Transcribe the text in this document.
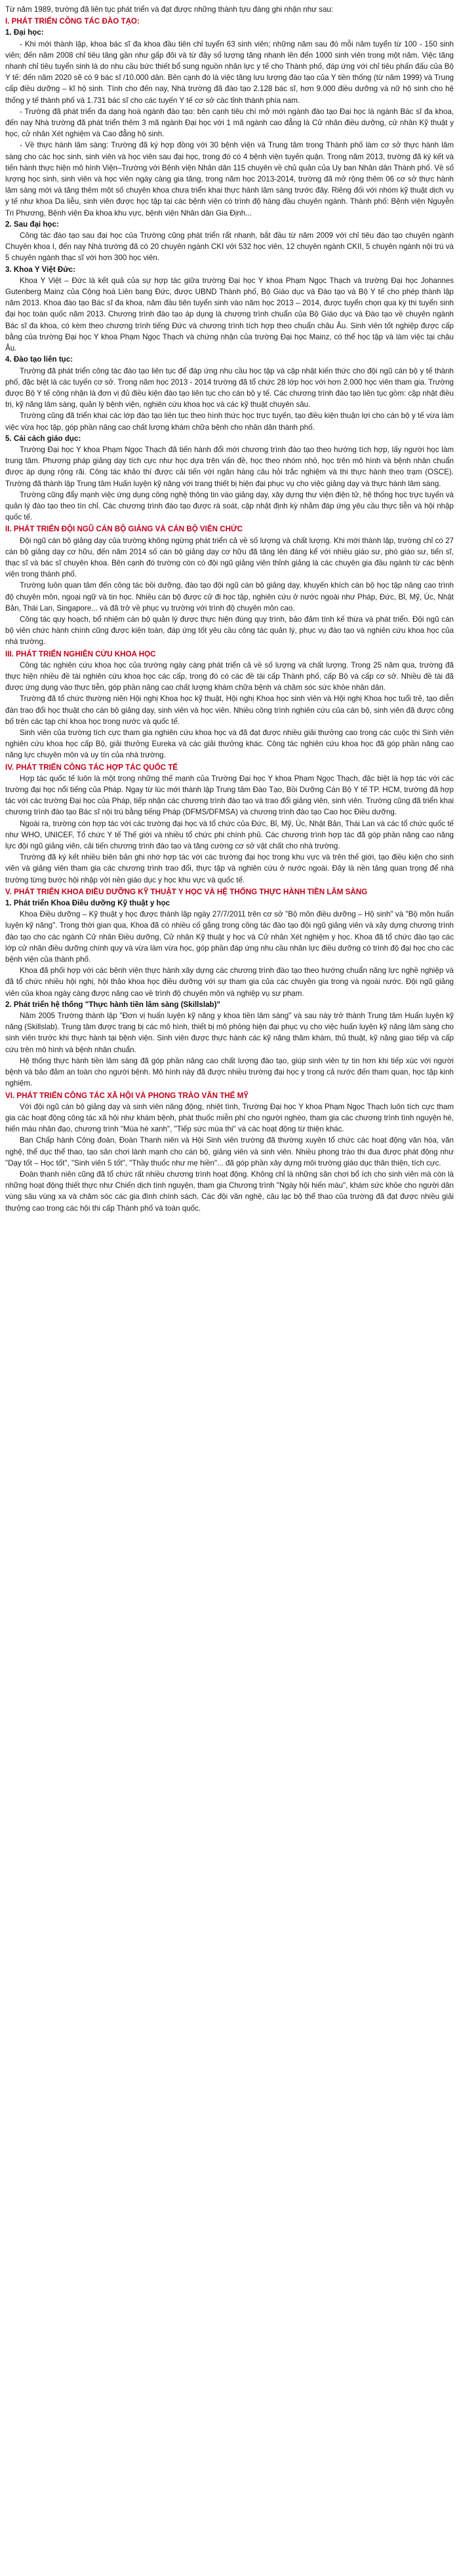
Từ năm 1989, trường đã liên tục phát triển và đạt được những thành tựu đáng ghi nhận như sau:

I. PHÁT TRIỂN CÔNG TÁC ĐÀO TẠO:

1. Đại học:

- Khi mới thành lập, khoa bác sĩ đa khoa đầu tiên chỉ tuyển 63 sinh viên; những năm sau đó mỗi năm tuyển từ 100 - 150 sinh viên; đến năm 2008 chỉ tiêu tăng gần như gấp đôi và từ đây số lượng tăng nhanh lên đến 1000 sinh viên trong một năm. Việc tăng nhanh chỉ tiêu tuyển sinh là do nhu cầu bức thiết bổ sung nguồn nhân lực y tế cho Thành phố, đáp ứng với chỉ tiêu phấn đấu của Bộ Y tế: đến năm 2020 sẽ có 9 bác sĩ /10.000 dân. Bên cạnh đó là việc tăng lưu lượng đào tạo của Y tiền thống (từ năm 1999) và Trung cấp điều dưỡng – kĩ hộ sinh. Tính cho đến nay, Nhà trường đã đào tạo 2.128 bác sĩ, hơn 9.000 điều dưỡng và nữ hộ sinh cho hệ thống y tế thành phố và 1.731 bác sĩ cho các tuyến Y tế cơ sở các tỉnh thành phía nam.

- Trường đã phát triển đa dạng hoá ngành đào tạo: bên cạnh tiêu chí mở mới ngành đào tạo Đại học là ngành Bác sĩ đa khoa, đến nay Nhà trường đã phát triển thêm 3 mã ngành Đại học với 1 mã ngành cao đẳng là Cử nhân điều dưỡng, cử nhân Kỹ thuật y học, cử nhân Xét nghiệm và Cao đẳng hộ sinh.

- Về thực hành lâm sàng: Trường đã ký hợp đồng với 30 bệnh viện và Trung tâm trong Thành phố làm cơ sở thực hành lâm sàng cho các học sinh, sinh viên và học viên sau đại học, trong đó có 4 bệnh viện tuyến quận. Trong năm 2013, trường đã ký kết và tiến hành thực hiện mô hình Viện–Trường với Bệnh viện Nhân dân 115 chuyên về chủ quản của Uy ban Nhân dân Thành phố. Về số lượng học sinh, sinh viên và học viên ngày càng gia tăng, trong năm học 2013-2014, trường đã mở rộng thêm 06 cơ sở thực hành lâm sàng mới và tăng thêm một số chuyên khoa chưa triển khai thực hành lâm sàng trước đây. Riêng đối với nhóm kỹ thuật dịch vụ y tế như khoa Da liễu, sinh viên được học tập tại các bệnh viện có trình độ hàng đầu chuyên ngành. Thành phố: Bệnh viện Nguyễn Tri Phương, Bệnh viện Đa khoa khu vực, bệnh viện Nhân dân Gia Định...

2. Sau đại học:

Công tác đào tạo sau đại học của Trường cũng phát triển rất nhanh, bắt đầu từ năm 2009 với chỉ tiêu đào tạo chuyên ngành Chuyên khoa I, đến nay Nhà trường đã có 20 chuyên ngành CKI với 532 học viên, 12 chuyên ngành CKII, 5 chuyên ngành nội trú và 5 chuyên ngành thạc sĩ với hơn 300 học viên.

3. Khoa Y Việt Đức:

Khoa Y Việt – Đức là kết quả của sự hợp tác giữa trường Đại học Y khoa Phạm Ngọc Thạch và trường Đại học Johannes Gutenberg Mainz của Cộng hoà Liên bang Đức, được UBND Thành phố, Bộ Giáo dục và Đào tạo và Bộ Y tế cho phép thành lập năm 2013. Khoa đào tạo Bác sĩ đa khoa, năm đầu tiên tuyển sinh vào năm học 2013 – 2014, được tuyển chọn qua kỳ thi tuyển sinh đại học toàn quốc năm 2013. Chương trình đào tạo áp dụng là chương trình chuẩn của Bộ Giáo dục và Đào tạo về chuyên ngành Bác sĩ đa khoa, có kèm theo chương trình tiếng Đức và chương trình tích hợp theo chuẩn châu Âu. Sinh viên tốt nghiệp được cấp bằng của trường Đại học Y khoa Phạm Ngọc Thạch và chứng nhận của trường Đại học Mainz, có thể học tập và làm việc tại châu Âu.

4. Đào tạo liên tục:

Trường đã phát triển công tác đào tạo liên tục để đáp ứng nhu cầu học tập và cập nhật kiến thức cho đội ngũ cán bộ y tế thành phố, đặc biệt là các tuyến cơ sở. Trong năm học 2013 - 2014 trường đã tổ chức 28 lớp học với hơn 2.000 học viên tham gia. Trường được Bộ Y tế công nhận là đơn vị đủ điều kiện đào tạo liên tục cho cán bộ y tế. Các chương trình đào tạo liên tục gồm: cập nhật điều trị, kỹ năng lâm sàng, quản lý bệnh viện, nghiên cứu khoa học và các kỹ thuật chuyên sâu.

Trường cũng đã triển khai các lớp đào tạo liên tục theo hình thức học trực tuyến, tạo điều kiện thuận lợi cho cán bộ y tế vừa làm việc vừa học tập, góp phần nâng cao chất lượng khám chữa bệnh cho nhân dân thành phố.

5. Cải cách giáo dục:

Trường Đại học Y khoa Phạm Ngọc Thạch đã tiến hành đổi mới chương trình đào tạo theo hướng tích hợp, lấy người học làm trung tâm. Phương pháp giảng dạy tích cực như học dựa trên vấn đề, học theo nhóm nhỏ, học trên mô hình và bệnh nhân chuẩn được áp dụng rộng rãi. Công tác khảo thí được cải tiến với ngân hàng câu hỏi trắc nghiệm và thi thực hành theo trạm (OSCE). Trường đã thành lập Trung tâm Huấn luyện kỹ năng với trang thiết bị hiện đại phục vụ cho việc giảng dạy và thực hành lâm sàng.

Trường cũng đẩy mạnh việc ứng dụng công nghệ thông tin vào giảng dạy, xây dựng thư viện điện tử, hệ thống học trực tuyến và quản lý đào tạo theo tín chỉ. Các chương trình đào tạo được rà soát, cập nhật định kỳ nhằm đáp ứng yêu cầu thực tiễn và hội nhập quốc tế.

II. PHÁT TRIỂN ĐỘI NGŨ CÁN BỘ GIẢNG VÀ CÁN BỘ VIÊN CHỨC

Đội ngũ cán bộ giảng dạy của trường không ngừng phát triển cả về số lượng và chất lượng. Khi mới thành lập, trường chỉ có 27 cán bộ giảng dạy cơ hữu, đến năm 2014 số cán bộ giảng dạy cơ hữu đã tăng lên đáng kể với nhiều giáo sư, phó giáo sư, tiến sĩ, thạc sĩ và bác sĩ chuyên khoa. Bên cạnh đó trường còn có đội ngũ giảng viên thỉnh giảng là các chuyên gia đầu ngành từ các bệnh viện trong thành phố.

Trường luôn quan tâm đến công tác bồi dưỡng, đào tạo đội ngũ cán bộ giảng dạy, khuyến khích cán bộ học tập nâng cao trình độ chuyên môn, ngoại ngữ và tin học. Nhiều cán bộ được cử đi học tập, nghiên cứu ở nước ngoài như Pháp, Đức, Bỉ, Mỹ, Úc, Nhật Bản, Thái Lan, Singapore... và đã trở về phục vụ trường với trình độ chuyên môn cao.

Công tác quy hoạch, bổ nhiệm cán bộ quản lý được thực hiện đúng quy trình, bảo đảm tính kế thừa và phát triển. Đội ngũ cán bộ viên chức hành chính cũng được kiện toàn, đáp ứng tốt yêu cầu công tác quản lý, phục vụ đào tạo và nghiên cứu khoa học của nhà trường.

III. PHÁT TRIỂN NGHIÊN CỨU KHOA HỌC

Công tác nghiên cứu khoa học của trường ngày càng phát triển cả về số lượng và chất lượng. Trong 25 năm qua, trường đã thực hiện nhiều đề tài nghiên cứu khoa học các cấp, trong đó có các đề tài cấp Thành phố, cấp Bộ và cấp cơ sở. Nhiều đề tài đã được ứng dụng vào thực tiễn, góp phần nâng cao chất lượng khám chữa bệnh và chăm sóc sức khỏe nhân dân.

Trường đã tổ chức thường niên Hội nghị Khoa học kỹ thuật, Hội nghị Khoa học sinh viên và Hội nghị Khoa học tuổi trẻ, tạo diễn đàn trao đổi học thuật cho cán bộ giảng dạy, sinh viên và học viên. Nhiều công trình nghiên cứu của cán bộ, sinh viên đã được công bố trên các tạp chí khoa học trong nước và quốc tế.

Sinh viên của trường tích cực tham gia nghiên cứu khoa học và đã đạt được nhiều giải thưởng cao trong các cuộc thi Sinh viên nghiên cứu khoa học cấp Bộ, giải thưởng Eureka và các giải thưởng khác. Công tác nghiên cứu khoa học đã góp phần nâng cao năng lực chuyên môn và uy tín của nhà trường.

IV. PHÁT TRIỂN CÔNG TÁC HỢP TÁC QUỐC TẾ

Hợp tác quốc tế luôn là một trong những thế mạnh của Trường Đại học Y khoa Phạm Ngọc Thạch, đặc biệt là hợp tác với các trường đại học nổi tiếng của Pháp. Ngay từ lúc mới thành lập Trung tâm Đào Tạo, Bồi Dưỡng Cán Bộ Y tế TP. HCM, trường đã hợp tác với các trường Đại học của Pháp, tiếp nhận các chương trình đào tạo và trao đổi giảng viên, sinh viên. Trường cũng đã triển khai chương trình đào tạo Bác sĩ nội trú bằng tiếng Pháp (DFMS/DFMSA) và chương trình đào tạo Cao học Điều dưỡng.

Ngoài ra, trường còn hợp tác với các trường đại học và tổ chức của Đức, Bỉ, Mỹ, Úc, Nhật Bản, Thái Lan và các tổ chức quốc tế như WHO, UNICEF, Tổ chức Y tế Thế giới và nhiều tổ chức phi chính phủ. Các chương trình hợp tác đã góp phần nâng cao năng lực đội ngũ giảng viên, cải tiến chương trình đào tạo và tăng cường cơ sở vật chất cho nhà trường.

Trường đã ký kết nhiều biên bản ghi nhớ hợp tác với các trường đại học trong khu vực và trên thế giới, tạo điều kiện cho sinh viên và giảng viên tham gia các chương trình trao đổi, thực tập và nghiên cứu ở nước ngoài. Đây là nền tảng quan trọng để nhà trường từng bước hội nhập với nền giáo dục y học khu vực và quốc tế.

V. PHÁT TRIỂN KHOA ĐIỀU DƯỠNG KỸ THUẬT Y HỌC VÀ HỆ THỐNG THỰC HÀNH TIỀN LÂM SÀNG

1. Phát triển Khoa Điều dưỡng Kỹ thuật y học

Khoa Điều dưỡng – Kỹ thuật y học được thành lập ngày 27/7/2011 trên cơ sở "Bộ môn điều dưỡng – Hộ sinh" và "Bộ môn huấn luyện kỹ năng". Trong thời gian qua, Khoa đã có nhiều cố gắng trong công tác đào tạo đội ngũ giảng viên và xây dựng chương trình đào tạo cho các ngành Cử nhân Điều dưỡng, Cử nhân Kỹ thuật y học và Cử nhân Xét nghiệm y học. Khoa đã tổ chức đào tạo các lớp cử nhân điều dưỡng chính quy và vừa làm vừa học, góp phần đáp ứng nhu cầu nhân lực điều dưỡng có trình độ đại học cho các bệnh viện của thành phố.

Khoa đã phối hợp với các bệnh viện thực hành xây dựng các chương trình đào tạo theo hướng chuẩn năng lực nghề nghiệp và đã tổ chức nhiều hội nghị, hội thảo khoa học điều dưỡng với sự tham gia của các chuyên gia trong và ngoài nước. Đội ngũ giảng viên của khoa ngày càng được nâng cao về trình độ chuyên môn và nghiệp vụ sư phạm.

2. Phát triển hệ thống "Thực hành tiền lâm sàng (Skillslab)"

Năm 2005 Trường thành lập "Đơn vị huấn luyện kỹ năng y khoa tiền lâm sàng" và sau này trở thành Trung tâm Huấn luyện kỹ năng (Skillslab). Trung tâm được trang bị các mô hình, thiết bị mô phỏng hiện đại phục vụ cho việc huấn luyện kỹ năng lâm sàng cho sinh viên trước khi thực hành tại bệnh viện. Sinh viên được thực hành các kỹ năng thăm khám, thủ thuật, kỹ năng giao tiếp và cấp cứu trên mô hình và bệnh nhân chuẩn.

Hệ thống thực hành tiền lâm sàng đã góp phần nâng cao chất lượng đào tạo, giúp sinh viên tự tin hơn khi tiếp xúc với người bệnh và bảo đảm an toàn cho người bệnh. Mô hình này đã được nhiều trường đại học y trong cả nước đến tham quan, học tập kinh nghiệm.

VI. PHÁT TRIỂN CÔNG TÁC XÃ HỘI VÀ PHONG TRÀO VĂN THỂ MỸ

Với đội ngũ cán bộ giảng dạy và sinh viên năng động, nhiệt tình, Trường Đại học Y khoa Phạm Ngọc Thạch luôn tích cực tham gia các hoạt động công tác xã hội như khám bệnh, phát thuốc miễn phí cho người nghèo, tham gia các chương trình tình nguyện hè, hiến máu nhân đạo, chương trình "Mùa hè xanh", "Tiếp sức mùa thi" và các hoạt động từ thiện khác.

Ban Chấp hành Công đoàn, Đoàn Thanh niên và Hội Sinh viên trường đã thường xuyên tổ chức các hoạt động văn hóa, văn nghệ, thể dục thể thao, tạo sân chơi lành mạnh cho cán bộ, giảng viên và sinh viên. Nhiều phong trào thi đua được phát động như "Dạy tốt – Học tốt", "Sinh viên 5 tốt", "Thầy thuốc như mẹ hiền"... đã góp phần xây dựng môi trường giáo dục thân thiện, tích cực.

Đoàn thanh niên cũng đã tổ chức rất nhiều chương trình hoạt động. Không chỉ là những sân chơi bổ ích cho sinh viên mà còn là những hoạt động thiết thực như Chiến dịch tình nguyện, tham gia Chương trình "Ngày hội hiến máu", khám sức khỏe cho người dân vùng sâu vùng xa và chăm sóc các gia đình chính sách. Các đội văn nghệ, câu lạc bộ thể thao của trường đã đạt được nhiều giải thưởng cao trong các hội thi cấp Thành phố và toàn quốc.
